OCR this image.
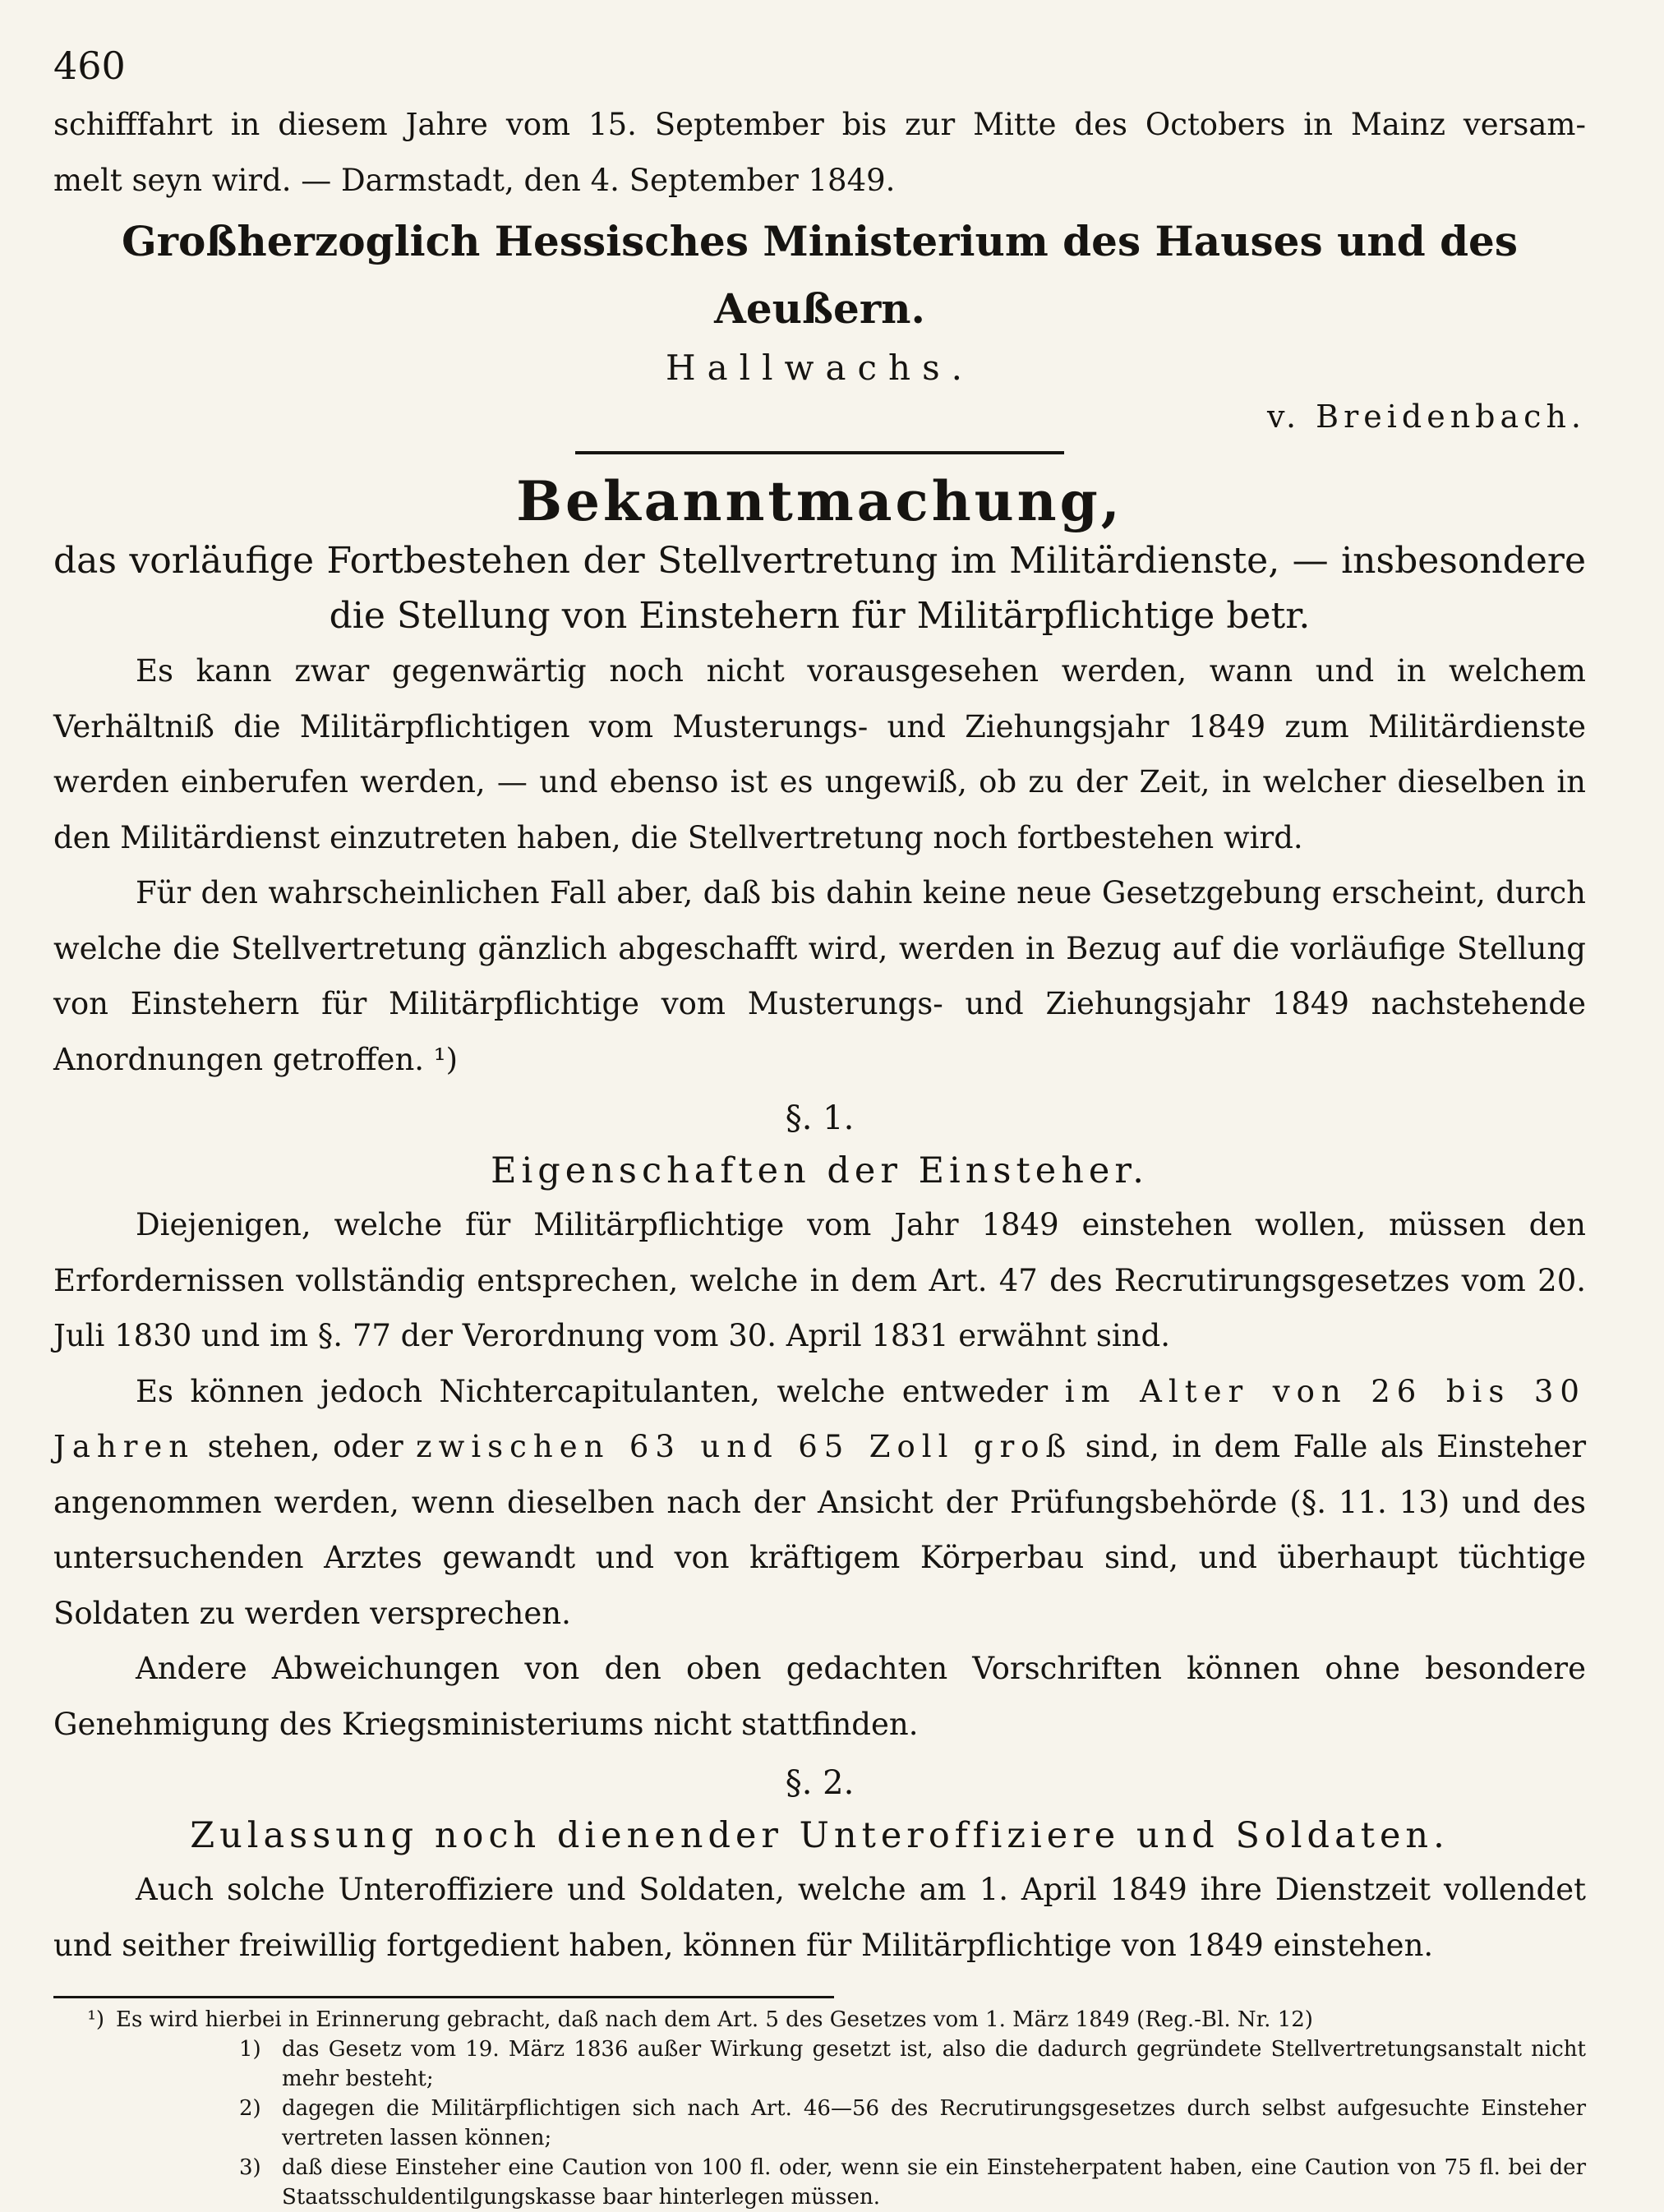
460

schifffahrt in diesem Jahre vom 15. September bis zur Mitte des Octobers in Mainz versam-

melt seyn wird. — Darmstadt, den 4. September 1849.

Großherzoglich Hessisches Ministerium des Hauses und des Aeußern.
Hallwachs.
v. Breidenbach.
Bekanntmachung,
das vorläufige Fortbestehen der Stellvertretung im Militärdienste, — insbesondere die Stellung von Einstehern für Militärpflichtige betr.

Es kann zwar gegenwärtig noch nicht vorausgesehen werden, wann und in welchem Verhältniß die Militärpflichtigen vom Musterungs- und Ziehungsjahr 1849 zum Militärdienste werden einberufen werden, — und ebenso ist es ungewiß, ob zu der Zeit, in welcher dieselben in den Militärdienst einzutreten haben, die Stellvertretung noch fortbestehen wird.

Für den wahrscheinlichen Fall aber, daß bis dahin keine neue Gesetzgebung erscheint, durch welche die Stellvertretung gänzlich abgeschafft wird, werden in Bezug auf die vorläufige Stellung von Einstehern für Militärpflichtige vom Musterungs- und Ziehungsjahr 1849 nachstehende Anordnungen getroffen. ¹)

§. 1.
Eigenschaften der Einsteher.

Diejenigen, welche für Militärpflichtige vom Jahr 1849 einstehen wollen, müssen den Erfordernissen vollständig entsprechen, welche in dem Art. 47 des Recrutirungsgesetzes vom 20. Juli 1830 und im §. 77 der Verordnung vom 30. April 1831 erwähnt sind.

Es können jedoch Nichtercapitulanten, welche entweder im Alter von 26 bis 30 Jahren stehen, oder zwischen 63 und 65 Zoll groß sind, in dem Falle als Einsteher angenommen werden, wenn dieselben nach der Ansicht der Prüfungsbehörde (§. 11. 13) und des untersuchenden Arztes gewandt und von kräftigem Körperbau sind, und überhaupt tüchtige Soldaten zu werden versprechen.

Andere Abweichungen von den oben gedachten Vorschriften können ohne besondere Genehmigung des Kriegsministeriums nicht stattfinden.

§. 2.
Zulassung noch dienender Unteroffiziere und Soldaten.

Auch solche Unteroffiziere und Soldaten, welche am 1. April 1849 ihre Dienstzeit vollendet und seither freiwillig fortgedient haben, können für Militärpflichtige von 1849 einstehen.

¹) Es wird hierbei in Erinnerung gebracht, daß nach dem Art. 5 des Gesetzes vom 1. März 1849 (Reg.-Bl. Nr. 12)
1) das Gesetz vom 19. März 1836 außer Wirkung gesetzt ist, also die dadurch gegründete Stellvertretungsanstalt nicht mehr besteht;
2) dagegen die Militärpflichtigen sich nach Art. 46—56 des Recrutirungsgesetzes durch selbst aufgesuchte Einsteher vertreten lassen können;
3) daß diese Einsteher eine Caution von 100 fl. oder, wenn sie ein Einsteherpatent haben, eine Caution von 75 fl. bei der Staatsschuldentilgungskasse baar hinterlegen müssen.
